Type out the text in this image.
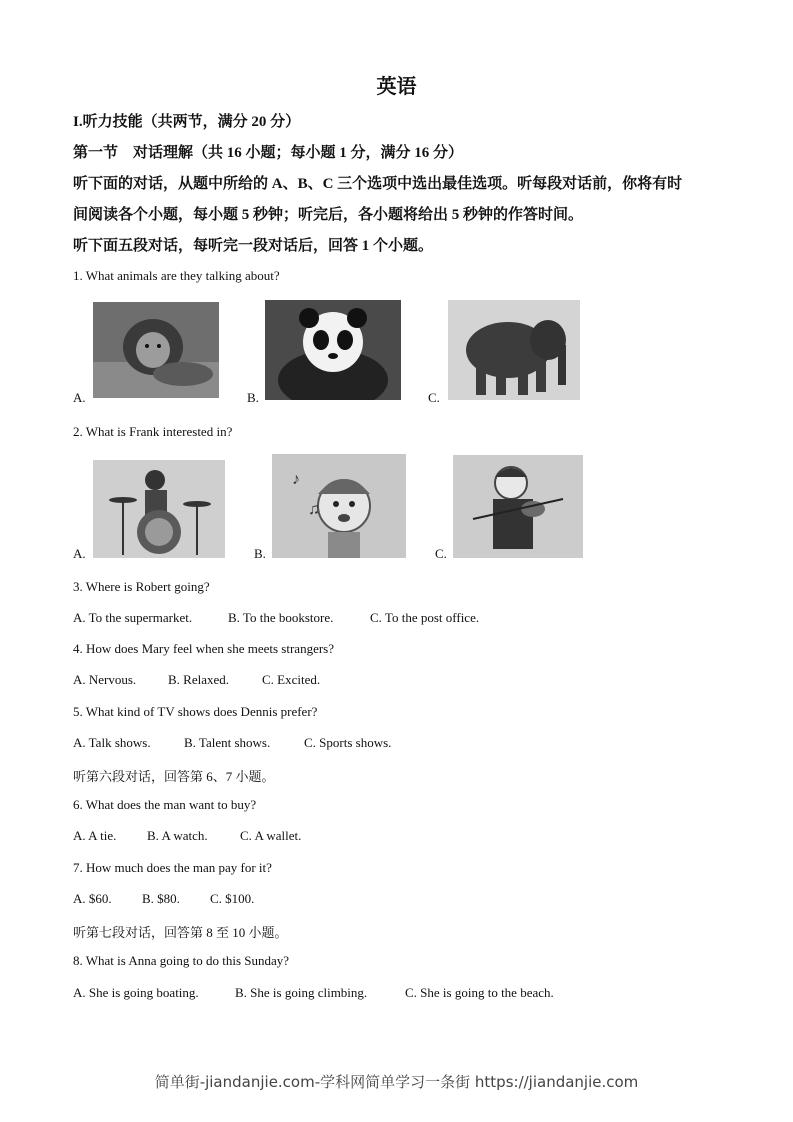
英语
I.听力技能（共两节，满分 20 分）
第一节　对话理解（共 16 小题；每小题 1 分，满分 16 分）
听下面的对话，从题中所给的 A、B、C 三个选项中选出最佳选项。听每段对话前，你将有时
间阅读各个小题，每小题 5 秒钟；听完后，各小题将给出 5 秒钟的作答时间。
听下面五段对话，每听完一段对话后，回答 1 个小题。
1. What animals are they talking about?
A.	B.	C.
2. What is Frank interested in?
A.	B.
♪
♫
C.
3. Where is Robert going?
A. To the supermarket.	B. To the bookstore.	C. To the post office.
4. How does Mary feel when she meets strangers?
A. Nervous. B. Relaxed.	C. Excited.
5. What kind of TV shows does Dennis prefer?
A. Talk shows.	B. Talent shows.	C. Sports shows.
听第六段对话，回答第 6、7 小题。
6. What does the man want to buy?
A. A tie. B. A watch. C. A wallet.
7. How much does the man pay for it?
A. $60. B. $80. C. $100.
听第七段对话，回答第 8 至 10 小题。
8. What is Anna going to do this Sunday?
A. She is going boating.	B. She is going climbing.	C. She is going to the beach.
简单街-jiandanjie.com-学科网简单学习一条街 https://jiandanjie.com
